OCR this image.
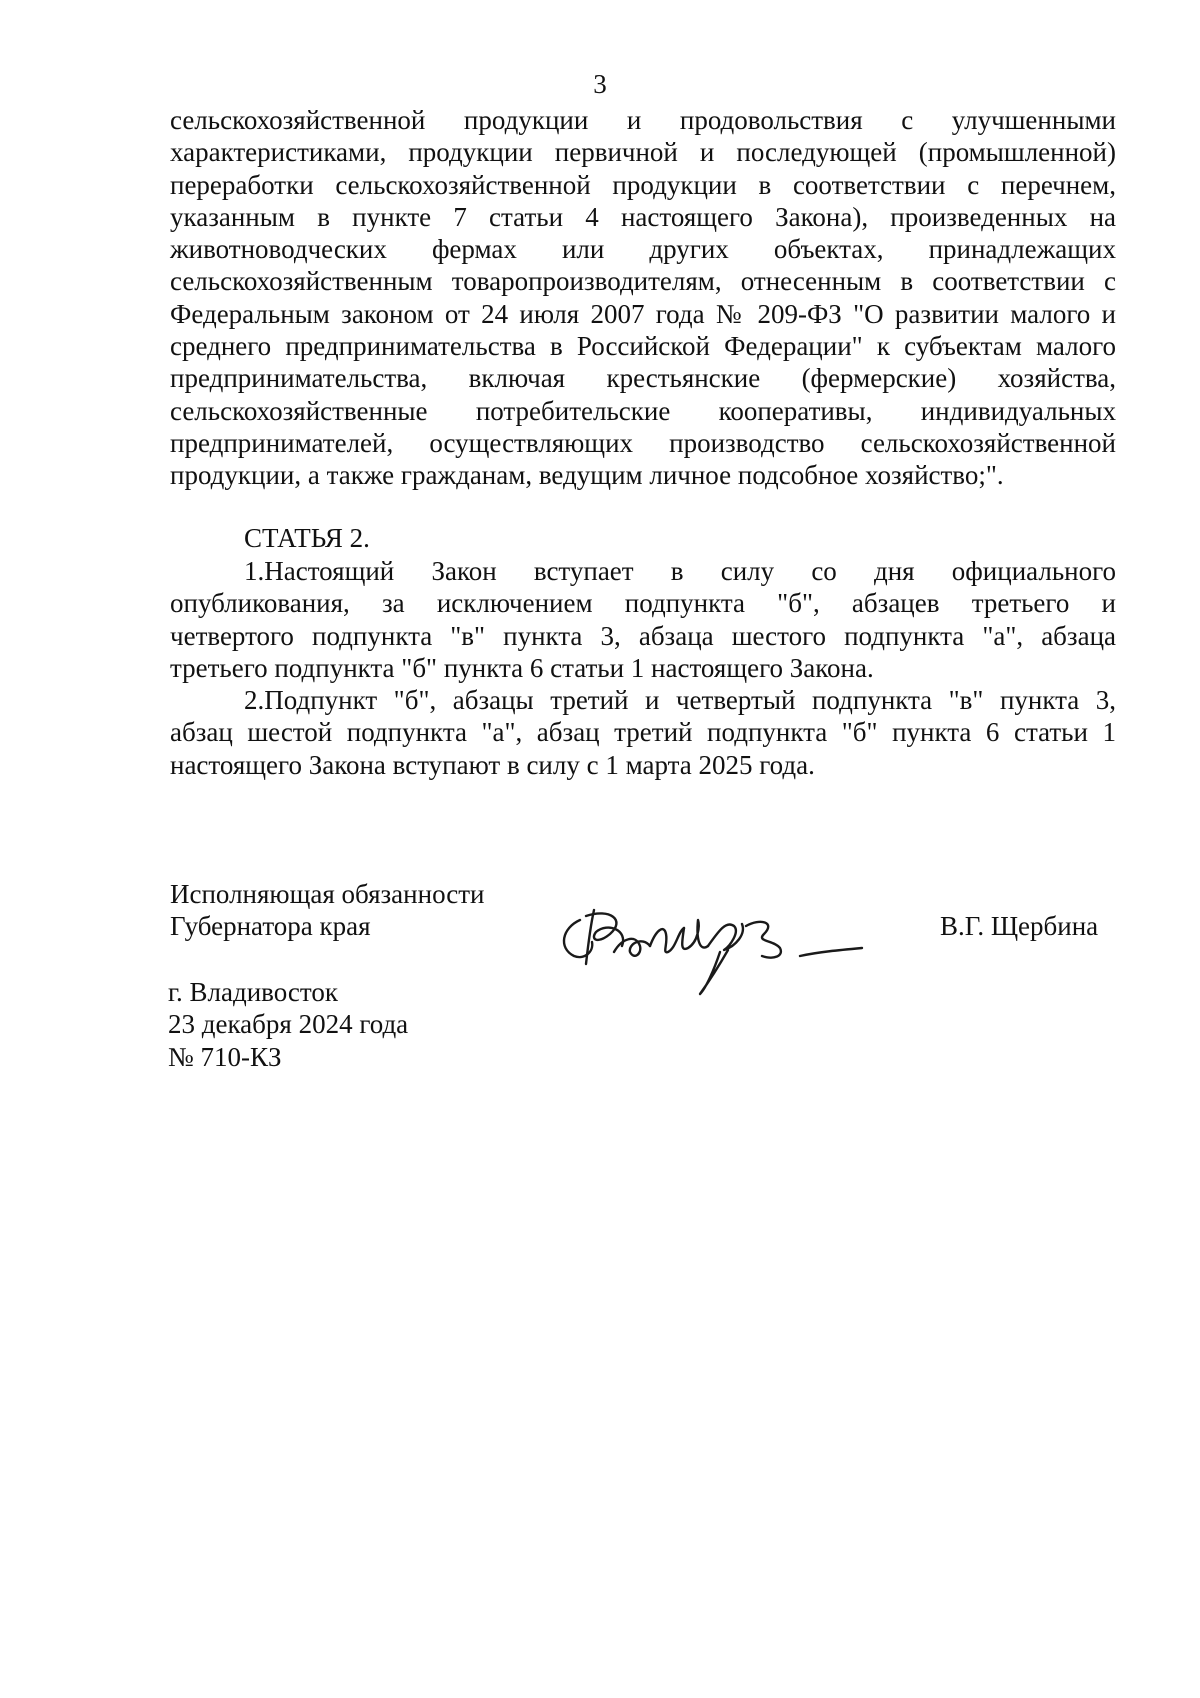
3
сельскохозяйственной продукции и продовольствия с улучшенными
характеристиками, продукции первичной и последующей (промышленной)
переработки сельскохозяйственной продукции в соответствии с перечнем,
указанным в пункте 7 статьи 4 настоящего Закона), произведенных на
животноводческих фермах или других объектах, принадлежащих
сельскохозяйственным товаропроизводителям, отнесенным в соответствии с
Федеральным законом от 24 июля 2007 года № 209-ФЗ "О развитии малого и
среднего предпринимательства в Российской Федерации" к субъектам малого
предпринимательства, включая крестьянские (фермерские) хозяйства,
сельскохозяйственные потребительские кооперативы, индивидуальных
предпринимателей, осуществляющих производство сельскохозяйственной
продукции, а также гражданам, ведущим личное подсобное хозяйство;".
СТАТЬЯ 2.
1.Настоящий Закон вступает в силу со дня официального
опубликования, за исключением подпункта "б", абзацев третьего и
четвертого подпункта "в" пункта 3, абзаца шестого подпункта "а", абзаца
третьего подпункта "б" пункта 6 статьи 1 настоящего Закона.
2.Подпункт "б", абзацы третий и четвертый подпункта "в" пункта 3,
абзац шестой подпункта "а", абзац третий подпункта "б" пункта 6 статьи 1
настоящего Закона вступают в силу с 1 марта 2025 года.
Исполняющая обязанности
Губернатора края	В.Г. Щербина
г. Владивосток
23 декабря 2024 года
№ 710-КЗ
